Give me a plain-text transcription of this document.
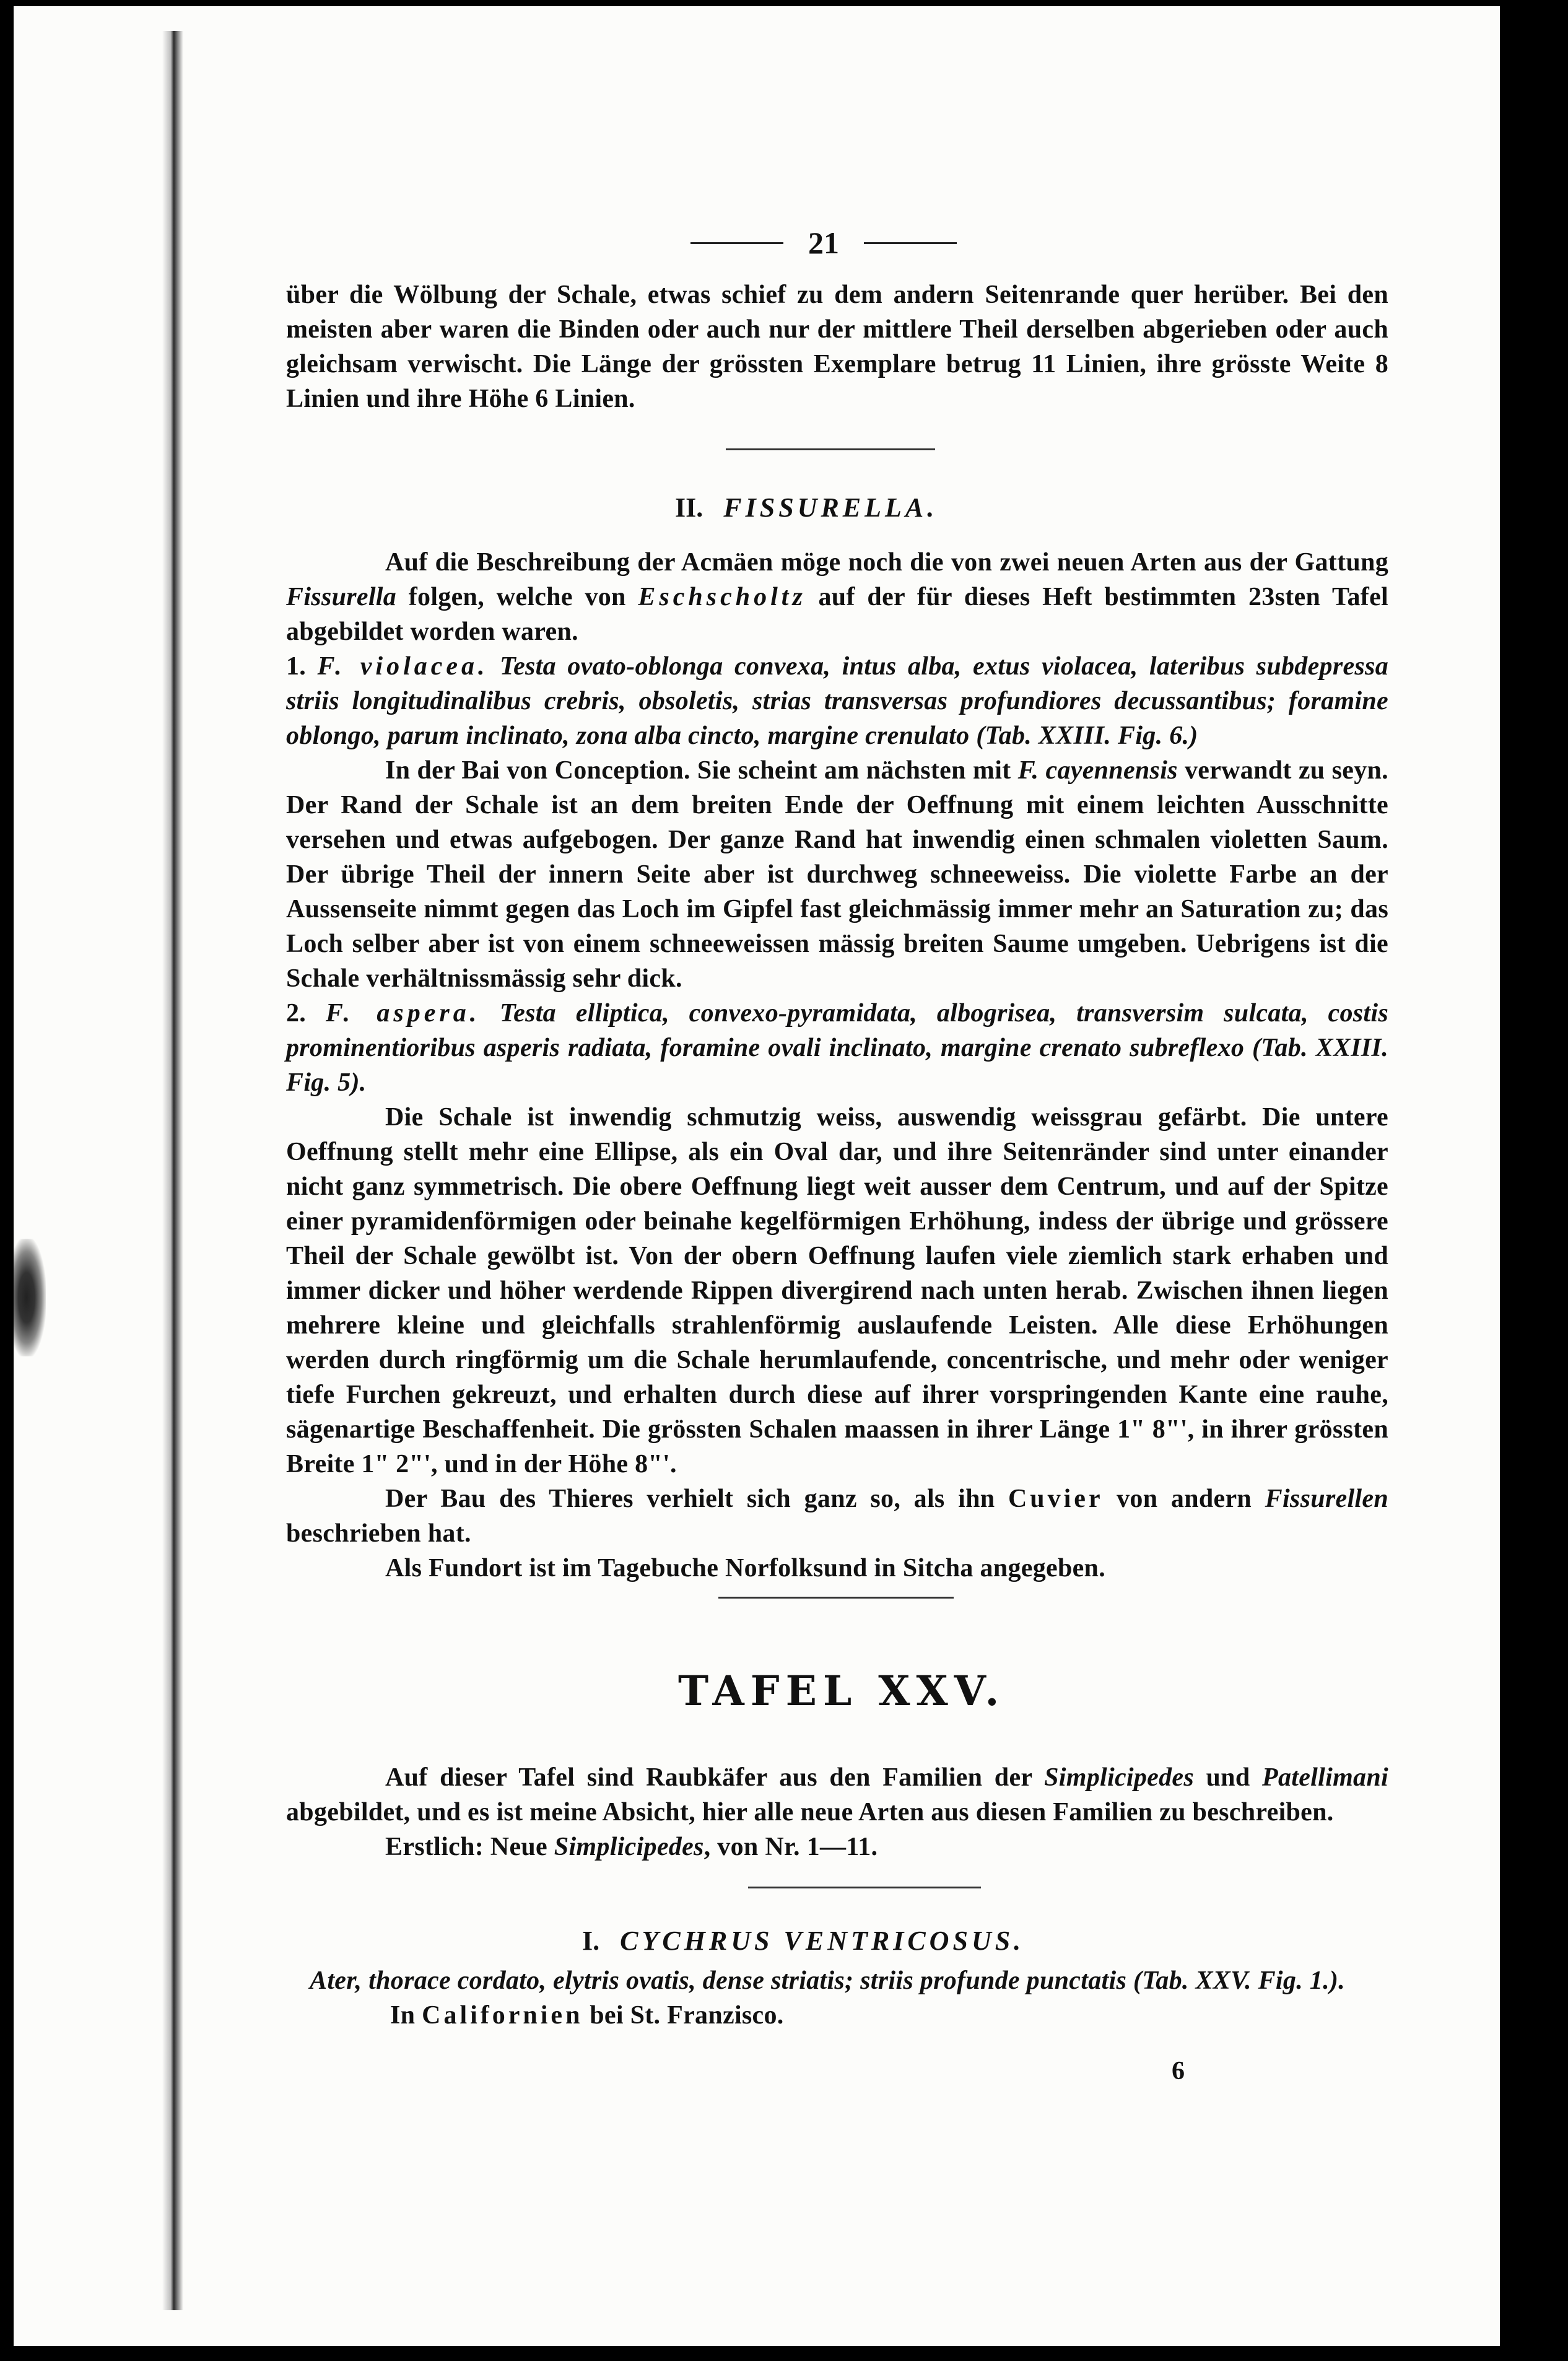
21

über die Wölbung der Schale, etwas schief zu dem andern Seitenrande quer herüber. Bei den meisten aber waren die Binden oder auch nur der mittlere Theil derselben abgerieben oder auch gleichsam verwischt. Die Länge der grössten Exemplare betrug 11 Linien, ihre grösste Weite 8 Linien und ihre Höhe 6 Linien.

II. FISSURELLA.

Auf die Beschreibung der Acmäen möge noch die von zwei neuen Arten aus der Gattung Fissurella folgen, welche von Eschscholtz auf der für dieses Heft bestimmten 23sten Tafel abgebildet worden waren.

1. F. violacea. Testa ovato-oblonga convexa, intus alba, extus violacea, lateribus subdepressa striis longitudinalibus crebris, obsoletis, strias transversas profundiores decussantibus; foramine oblongo, parum inclinato, zona alba cincto, margine crenulato (Tab. XXIII. Fig. 6.)

In der Bai von Conception. Sie scheint am nächsten mit F. cayennensis verwandt zu seyn. Der Rand der Schale ist an dem breiten Ende der Oeffnung mit einem leichten Ausschnitte versehen und etwas aufgebogen. Der ganze Rand hat inwendig einen schmalen violetten Saum. Der übrige Theil der innern Seite aber ist durchweg schneeweiss. Die violette Farbe an der Aussenseite nimmt gegen das Loch im Gipfel fast gleichmässig immer mehr an Saturation zu; das Loch selber aber ist von einem schneeweissen mässig breiten Saume umgeben. Uebrigens ist die Schale verhältnissmässig sehr dick.

2. F. aspera. Testa elliptica, convexo-pyramidata, albogrisea, transversim sulcata, costis prominentioribus asperis radiata, foramine ovali inclinato, margine crenato subreflexo (Tab. XXIII. Fig. 5).

Die Schale ist inwendig schmutzig weiss, auswendig weissgrau gefärbt. Die untere Oeffnung stellt mehr eine Ellipse, als ein Oval dar, und ihre Seitenränder sind unter einander nicht ganz symmetrisch. Die obere Oeffnung liegt weit ausser dem Centrum, und auf der Spitze einer pyramidenförmigen oder beinahe kegelförmigen Erhöhung, indess der übrige und grössere Theil der Schale gewölbt ist. Von der obern Oeffnung laufen viele ziemlich stark erhaben und immer dicker und höher werdende Rippen divergirend nach unten herab. Zwischen ihnen liegen mehrere kleine und gleichfalls strahlenförmig auslaufende Leisten. Alle diese Erhöhungen werden durch ringförmig um die Schale herumlaufende, concentrische, und mehr oder weniger tiefe Furchen gekreuzt, und erhalten durch diese auf ihrer vorspringenden Kante eine rauhe, sägenartige Beschaffenheit. Die grössten Schalen maassen in ihrer Länge 1" 8"', in ihrer grössten Breite 1" 2"', und in der Höhe 8"'.

Der Bau des Thieres verhielt sich ganz so, als ihn Cuvier von andern Fissurellen beschrieben hat.

Als Fundort ist im Tagebuche Norfolksund in Sitcha angegeben.

TAFEL XXV.

Auf dieser Tafel sind Raubkäfer aus den Familien der Simplicipedes und Patellimani abgebildet, und es ist meine Absicht, hier alle neue Arten aus diesen Familien zu beschreiben.

Erstlich: Neue Simplicipedes, von Nr. 1—11.

I. CYCHRUS VENTRICOSUS.

Ater, thorace cordato, elytris ovatis, dense striatis; striis profunde punctatis (Tab. XXV. Fig. 1.).

In Californien bei St. Franzisco.

6
